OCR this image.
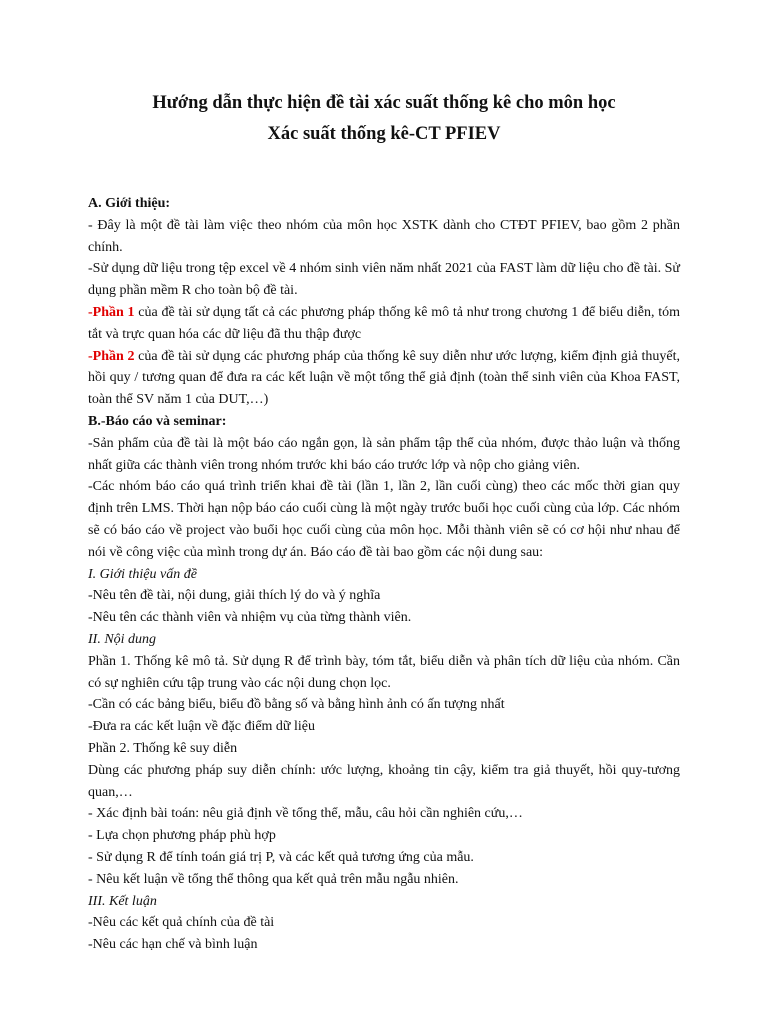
Hướng dẫn thực hiện đề tài xác suất thống kê cho môn học
Xác suất thống kê-CT PFIEV

A. Giới thiệu:

- Đây là một đề tài làm việc theo nhóm của môn học XSTK dành cho CTĐT PFIEV, bao gồm 2 phần chính.

-Sử dụng dữ liệu trong tệp excel về 4 nhóm sinh viên năm nhất 2021 của FAST làm dữ liệu cho đề tài. Sử dụng phần mềm R cho toàn bộ đề tài.

-Phần 1 của đề tài sử dụng tất cả các phương pháp thống kê mô tả như trong chương 1 để biểu diễn, tóm tắt và trực quan hóa các dữ liệu đã thu thập được

-Phần 2 của đề tài sử dụng các phương pháp của thống kê suy diễn như ước lượng, kiểm định giả thuyết, hồi quy / tương quan để đưa ra các kết luận về một tổng thể giả định (toàn thể sinh viên của Khoa FAST, toàn thể SV năm 1 của DUT,…)

B.-Báo cáo và seminar:

-Sản phẩm của đề tài là một báo cáo ngắn gọn, là sản phẩm tập thể của nhóm, được thảo luận và thống nhất giữa các thành viên trong nhóm trước khi báo cáo trước lớp và nộp cho giảng viên.

-Các nhóm báo cáo quá trình triển khai đề tài (lần 1, lần 2, lần cuối cùng) theo các mốc thời gian quy định trên LMS. Thời hạn nộp báo cáo cuối cùng là một ngày trước buổi học cuối cùng của lớp. Các nhóm sẽ có báo cáo về project vào buổi học cuối cùng của môn học. Mỗi thành viên sẽ có cơ hội như nhau để nói về công việc của mình trong dự án. Báo cáo đề tài bao gồm các nội dung sau:

I. Giới thiệu vấn đề

-Nêu tên đề tài, nội dung, giải thích lý do và ý nghĩa

-Nêu tên các thành viên và nhiệm vụ của từng thành viên.

II. Nội dung

Phần 1. Thống kê mô tả. Sử dụng R để trình bày, tóm tắt, biểu diễn và phân tích dữ liệu của nhóm. Cần có sự nghiên cứu tập trung vào các nội dung chọn lọc.

-Cần có các bảng biểu, biểu đồ bằng số và bằng hình ảnh có ấn tượng nhất

-Đưa ra các kết luận về đặc điểm dữ liệu

Phần 2. Thống kê suy diễn

Dùng các phương pháp suy diễn chính: ước lượng, khoảng tin cậy, kiểm tra giả thuyết, hồi quy-tương quan,…

- Xác định bài toán: nêu giả định về tổng thể, mẫu, câu hỏi cần nghiên cứu,…

- Lựa chọn phương pháp phù hợp

- Sử dụng R để tính toán giá trị P, và các kết quả tương ứng của mẫu.

- Nêu kết luận về tổng thể thông qua kết quả trên mẫu ngẫu nhiên.

III. Kết luận

-Nêu các kết quả chính của đề tài

-Nêu các hạn chế và bình luận
